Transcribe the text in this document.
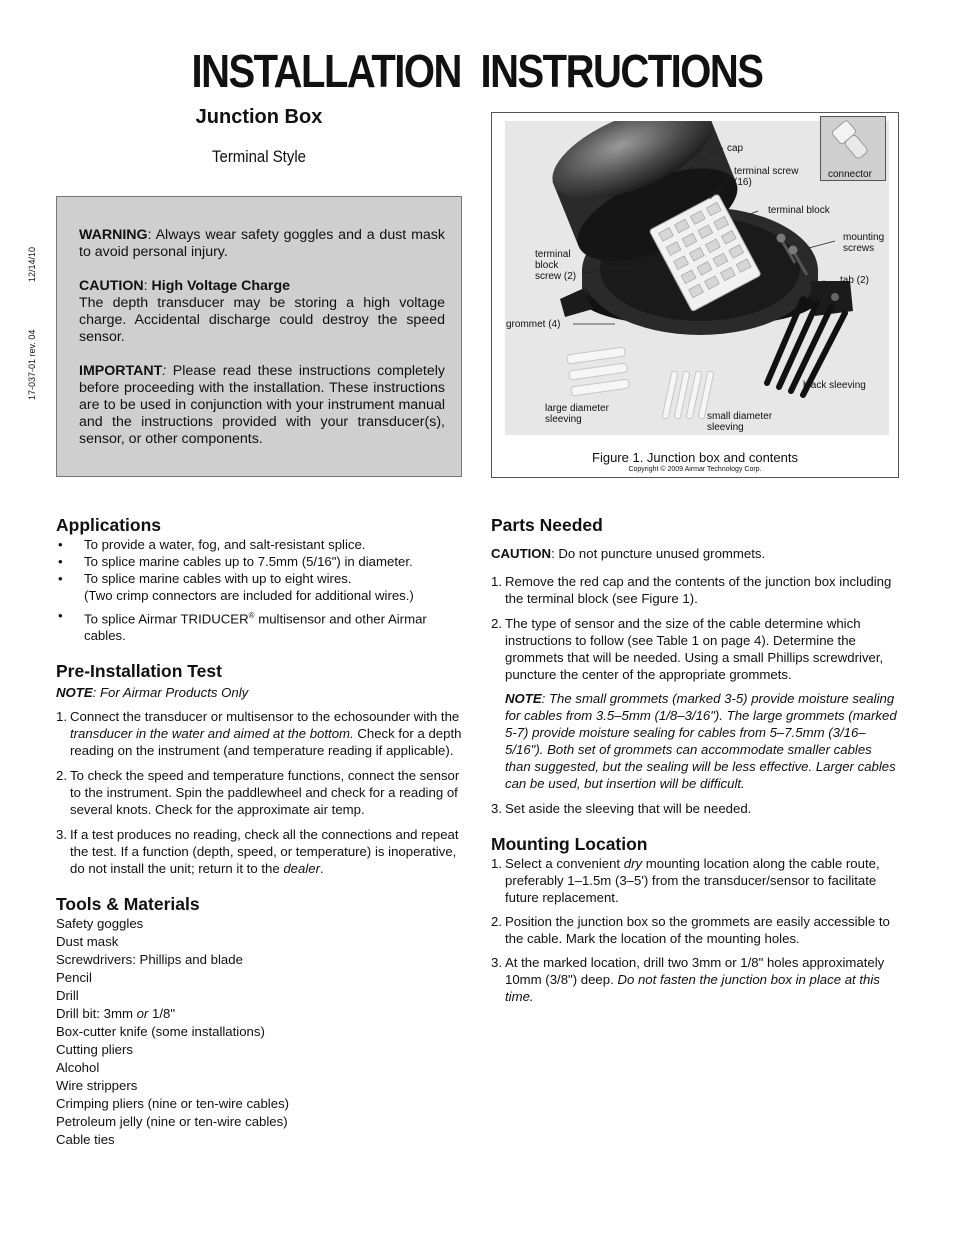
INSTALLATION INSTRUCTIONS
Junction Box
Terminal Style
17-037-01 rev. 04
12/14/10

WARNING: Always wear safety goggles and a dust mask to avoid personal injury.

CAUTION: High Voltage Charge
The depth transducer may be storing a high voltage charge. Accidental discharge could destroy the speed sensor.

IMPORTANT: Please read these instructions completely before proceeding with the installation. These instructions are to be used in conjunction with your instrument manual and the instructions provided with your transducer(s), sensor, or other components.

cap
terminal screw
(16)
terminal block
mounting
screws
terminal
block
screw (2)	tab (2)
grommet (4)
black sleeving
large diameter
sleeving	small diameter
sleeving
connector
Figure 1. Junction box and contents
Copyright © 2009 Airmar Technology Corp.
Applications

• To provide a water, fog, and salt-resistant splice.

• To splice marine cables up to 7.5mm (5/16") in diameter.

• To splice marine cables with up to eight wires.
(Two crimp connectors are included for additional wires.)

• To splice Airmar TRIDUCER® multisensor and other Airmar cables.

Pre-Installation Test

NOTE: For Airmar Products Only

1. Connect the transducer or multisensor to the echosounder with the transducer in the water and aimed at the bottom. Check for a depth reading on the instrument (and temperature reading if applicable).

2. To check the speed and temperature functions, connect the sensor to the instrument. Spin the paddlewheel and check for a reading of several knots. Check for the approximate air temp.

3. If a test produces no reading, check all the connections and repeat the test. If a function (depth, speed, or temperature) is inoperative, do not install the unit; return it to the dealer.

Tools & Materials

Safety goggles

Dust mask

Screwdrivers: Phillips and blade

Pencil

Drill

Drill bit: 3mm or 1/8"

Box-cutter knife (some installations)

Cutting pliers

Alcohol

Wire strippers

Crimping pliers (nine or ten-wire cables)

Petroleum jelly (nine or ten-wire cables)

Cable ties

Parts Needed

CAUTION: Do not puncture unused grommets.

1. Remove the red cap and the contents of the junction box including the terminal block (see Figure 1).

2. The type of sensor and the size of the cable determine which instructions to follow (see Table 1 on page 4). Determine the grommets that will be needed. Using a small Phillips screwdriver, puncture the center of the appropriate grommets.

NOTE: The small grommets (marked 3-5) provide moisture sealing for cables from 3.5–5mm (1/8–3/16"). The large grommets (marked 5-7) provide moisture sealing for cables from 5–7.5mm (3/16–5/16"). Both set of grommets can accommodate smaller cables than suggested, but the sealing will be less effective. Larger cables can be used, but insertion will be difficult.

3. Set aside the sleeving that will be needed.

Mounting Location

1. Select a convenient dry mounting location along the cable route, preferably 1–1.5m (3–5') from the transducer/sensor to facilitate future replacement.

2. Position the junction box so the grommets are easily accessible to the cable. Mark the location of the mounting holes.

3. At the marked location, drill two 3mm or 1/8" holes approximately 10mm (3/8") deep. Do not fasten the junction box in place at this time.
